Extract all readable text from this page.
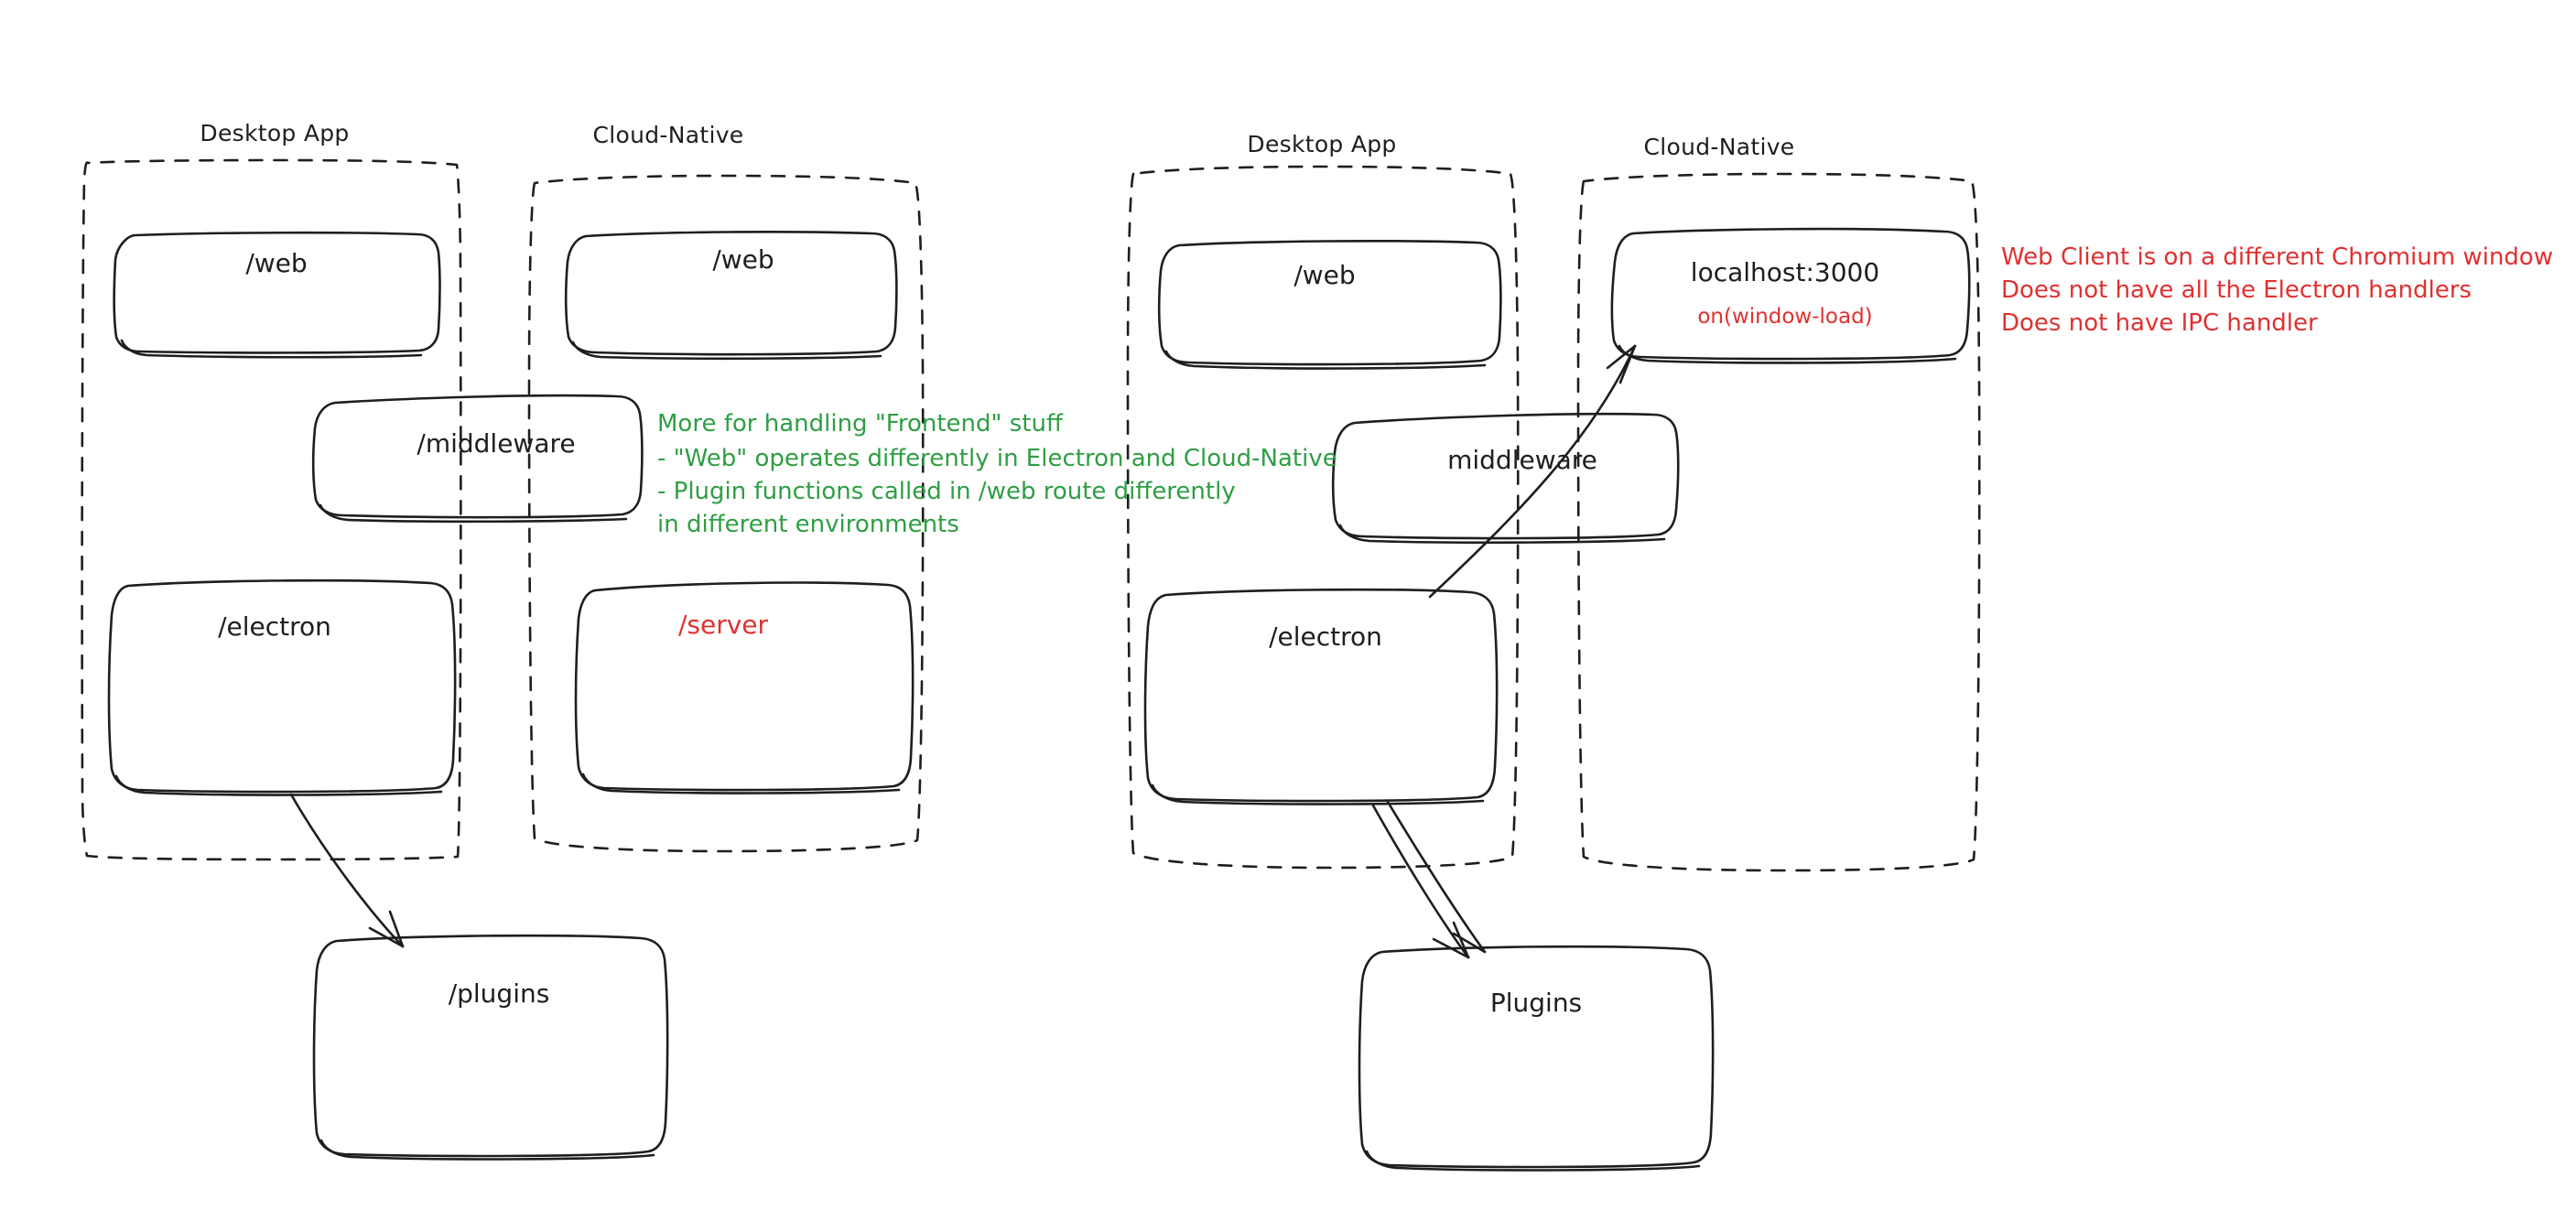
Desktop App	Cloud-Native
/web	/web
/middleware
/electron	/server
/plugins
More for handling "Frontend" stuff
- "Web" operates differently in Electron and Cloud-Native
- Plugin functions called in /web route differently
in different environments
Desktop App	Cloud-Native
/web	localhost:3000
on(window-load)
middleware
/electron
Plugins
Web Client is on a different Chromium window
Does not have all the Electron handlers
Does not have IPC handler
